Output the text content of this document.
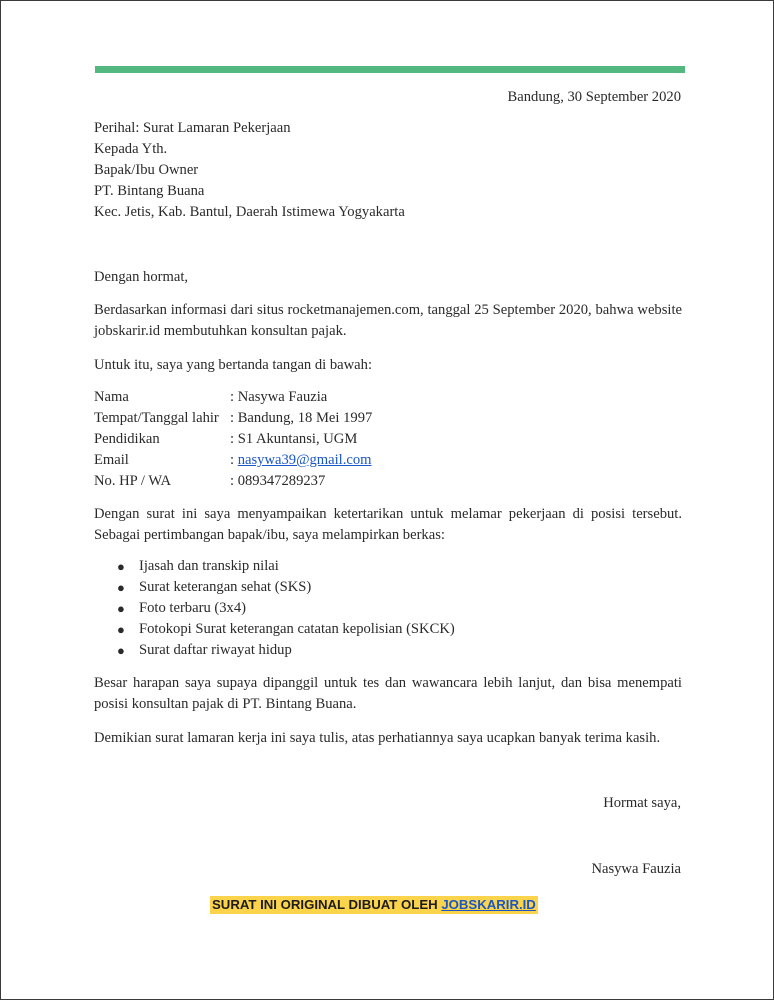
Bandung, 30 September 2020
Perihal: Surat Lamaran Pekerjaan
Kepada Yth.
Bapak/Ibu Owner
PT. Bintang Buana
Kec. Jetis, Kab. Bantul, Daerah Istimewa Yogyakarta
Dengan hormat,
Berdasarkan informasi dari situs rocketmanajemen.com, tanggal 25 September 2020, bahwa website jobskarir.id membutuhkan konsultan pajak.
Untuk itu, saya yang bertanda tangan di bawah:
Nama	: Nasywa Fauzia
Tempat/Tanggal lahir : Bandung, 18 Mei 1997
Pendidikan	: S1 Akuntansi, UGM
Email	: nasywa39@gmail.com
No. HP / WA	: 089347289237
Dengan surat ini saya menyampaikan ketertarikan untuk melamar pekerjaan di posisi tersebut. Sebagai pertimbangan bapak/ibu, saya melampirkan berkas:
● Ijasah dan transkip nilai
● Surat keterangan sehat (SKS)
● Foto terbaru (3x4)
● Fotokopi Surat keterangan catatan kepolisian (SKCK)
● Surat daftar riwayat hidup
Besar harapan saya supaya dipanggil untuk tes dan wawancara lebih lanjut, dan bisa menempati posisi konsultan pajak di PT. Bintang Buana.
Demikian surat lamaran kerja ini saya tulis, atas perhatiannya saya ucapkan banyak terima kasih.
Hormat saya,
Nasywa Fauzia
SURAT INI ORIGINAL DIBUAT OLEH JOBSKARIR.ID
